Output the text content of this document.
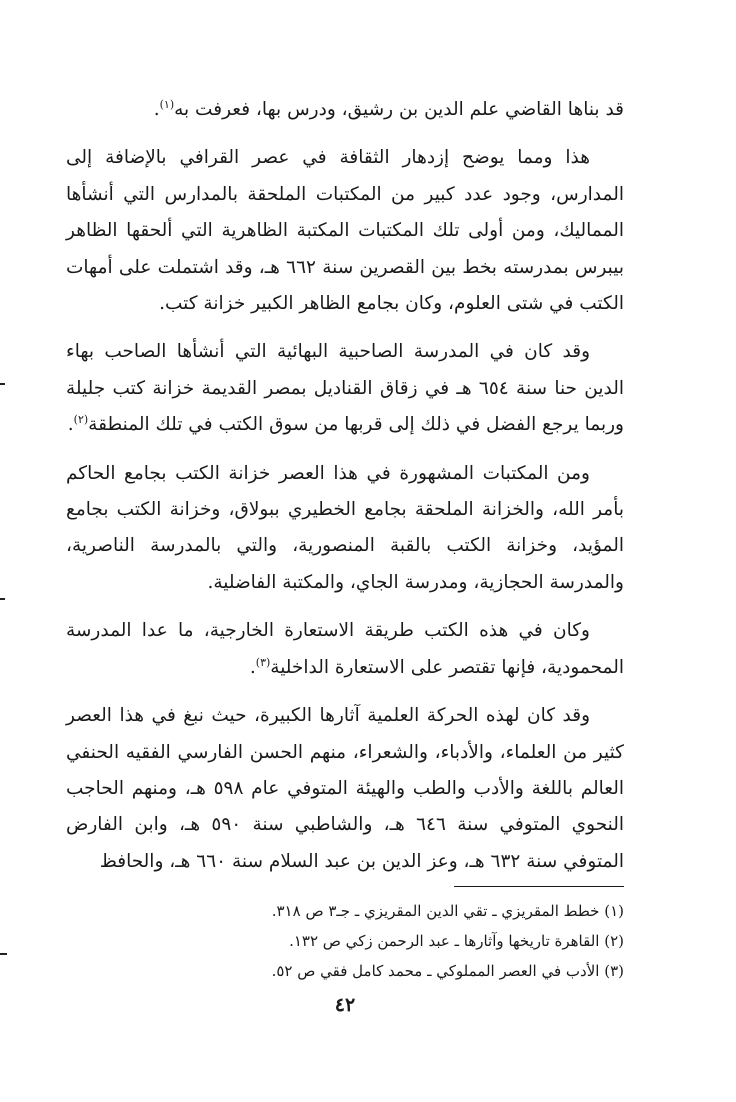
قد بناها القاضي علم الدين بن رشيق، ودرس بها، فعرفت به$^{(١)}$.

هذا ومما يوضح إزدهار الثقافة في عصر القرافي بالإضافة إلى المدارس، وجود عدد كبير من المكتبات الملحقة بالمدارس التي أنشأها المماليك، ومن أولى تلك المكتبات المكتبة الظاهرية التي ألحقها الظاهر بيبرس بمدرسته بخط بين القصرين سنة ٦٦٢ هـ، وقد اشتملت على أمهات الكتب في شتى العلوم، وكان بجامع الظاهر الكبير خزانة كتب.

وقد كان في المدرسة الصاحبية البهائية التي أنشأها الصاحب بهاء الدين حنا سنة ٦٥٤ هـ في زقاق القناديل بمصر القديمة خزانة كتب جليلة وربما يرجع الفضل في ذلك إلى قربها من سوق الكتب في تلك المنطقة$^{(٢)}$.

ومن المكتبات المشهورة في هذا العصر خزانة الكتب بجامع الحاكم بأمر الله، والخزانة الملحقة بجامع الخطيري ببولاق، وخزانة الكتب بجامع المؤيد، وخزانة الكتب بالقبة المنصورية، والتي بالمدرسة الناصرية، والمدرسة الحجازية، ومدرسة الجاي، والمكتبة الفاضلية.

وكان في هذه الكتب طريقة الاستعارة الخارجية، ما عدا المدرسة المحمودية، فإنها تقتصر على الاستعارة الداخلية$^{(٣)}$.

وقد كان لهذه الحركة العلمية آثارها الكبيرة، حيث نبغ في هذا العصر كثير من العلماء، والأدباء، والشعراء، منهم الحسن الفارسي الفقيه الحنفي العالم باللغة والأدب والطب والهيئة المتوفي عام ٥٩٨ هـ، ومنهم الحاجب النحوي المتوفي سنة ٦٤٦ هـ، والشاطبي سنة ٥٩٠ هـ، وابن الفارض المتوفي سنة ٦٣٢ هـ، وعز الدين بن عبد السلام سنة ٦٦٠ هـ، والحافظ

(١) خطط المقريزي ـ تقي الدين المقريزي ـ جـ٣ ص ٣١٨.
(٢) القاهرة تاريخها وآثارها ـ عبد الرحمن زكي ص ١٣٢.
(٣) الأدب في العصر المملوكي ـ محمد كامل فقي ص ٥٢.
٤٢
